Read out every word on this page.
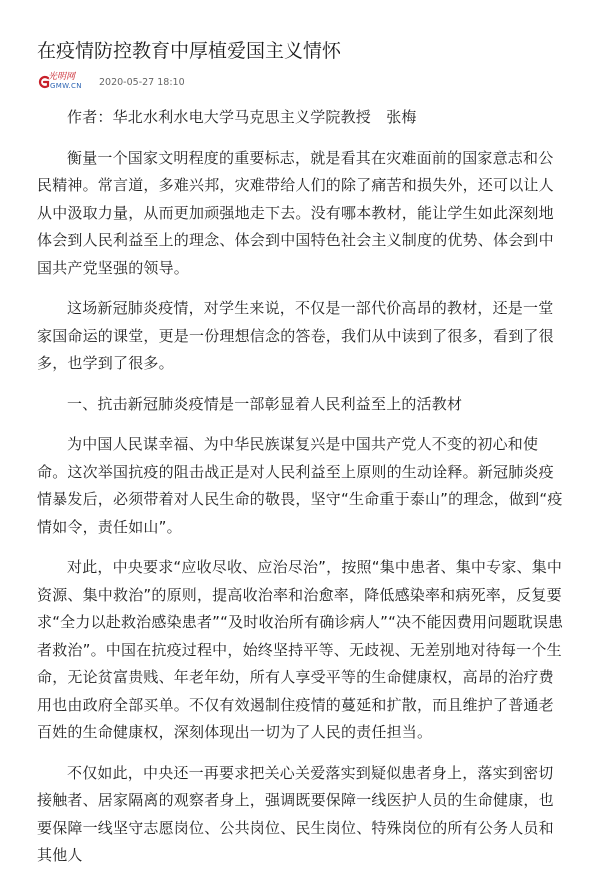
在疫情防控教育中厚植爱国主义情怀
光明网
GMW.CN 2020-05-27 18:10

作者：华北水利水电大学马克思主义学院教授　张梅

衡量一个国家文明程度的重要标志，就是看其在灾难面前的国家意志和公民精神。常言道，多难兴邦，灾难带给人们的除了痛苦和损失外，还可以让人从中汲取力量，从而更加顽强地走下去。没有哪本教材，能让学生如此深刻地体会到人民利益至上的理念、体会到中国特色社会主义制度的优势、体会到中国共产党坚强的领导。

这场新冠肺炎疫情，对学生来说，不仅是一部代价高昂的教材，还是一堂家国命运的课堂，更是一份理想信念的答卷，我们从中读到了很多，看到了很多，也学到了很多。

一、抗击新冠肺炎疫情是一部彰显着人民利益至上的活教材

为中国人民谋幸福、为中华民族谋复兴是中国共产党人不变的初心和使命。这次举国抗疫的阻击战正是对人民利益至上原则的生动诠释。新冠肺炎疫情暴发后，必须带着对人民生命的敬畏，坚守“生命重于泰山”的理念，做到“疫情如令，责任如山”。

对此，中央要求“应收尽收、应治尽治”，按照“集中患者、集中专家、集中资源、集中救治”的原则，提高收治率和治愈率，降低感染率和病死率，反复要求“全力以赴救治感染患者”“及时收治所有确诊病人”“决不能因费用问题耽误患者救治”。中国在抗疫过程中，始终坚持平等、无歧视、无差别地对待每一个生命，无论贫富贵贱、年老年幼，所有人享受平等的生命健康权，高昂的治疗费用也由政府全部买单。不仅有效遏制住疫情的蔓延和扩散，而且维护了普通老百姓的生命健康权，深刻体现出一切为了人民的责任担当。

不仅如此，中央还一再要求把关心关爱落实到疑似患者身上，落实到密切接触者、居家隔离的观察者身上，强调既要保障一线医护人员的生命健康，也要保障一线坚守志愿岗位、公共岗位、民生岗位、特殊岗位的所有公务人员和其他人
